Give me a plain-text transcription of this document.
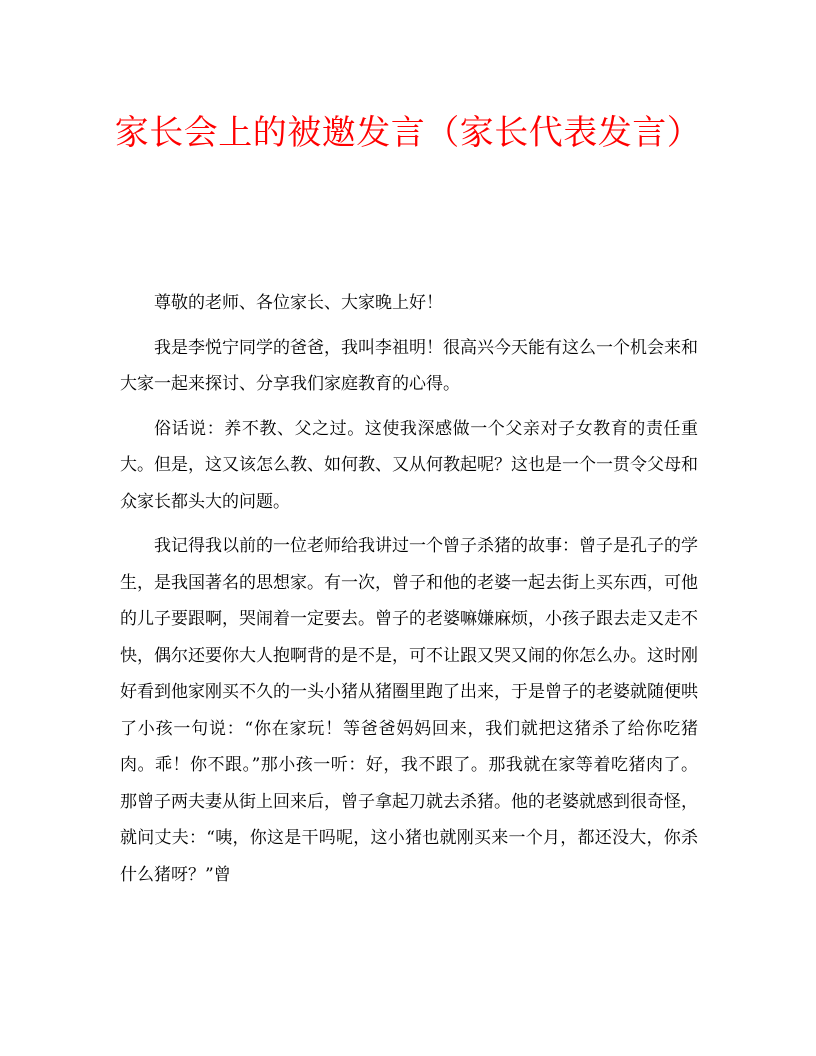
家长会上的被邀发言（家长代表发言）

尊敬的老师、各位家长、大家晚上好！

我是李悦宁同学的爸爸，我叫李祖明！很高兴今天能有这么一个机会来和大家一起来探讨、分享我们家庭教育的心得。

俗话说：养不教、父之过。这使我深感做一个父亲对子女教育的责任重大。但是，这又该怎么教、如何教、又从何教起呢？这也是一个一贯令父母和众家长都头大的问题。

我记得我以前的一位老师给我讲过一个曾子杀猪的故事：曾子是孔子的学生，是我国著名的思想家。有一次，曾子和他的老婆一起去街上买东西，可他的儿子要跟啊，哭闹着一定要去。曾子的老婆嘛嫌麻烦，小孩子跟去走又走不快，偶尔还要你大人抱啊背的是不是，可不让跟又哭又闹的你怎么办。这时刚好看到他家刚买不久的一头小猪从猪圈里跑了出来，于是曾子的老婆就随便哄了小孩一句说：“你在家玩！等爸爸妈妈回来，我们就把这猪杀了给你吃猪肉。乖！你不跟。”那小孩一听：好，我不跟了。那我就在家等着吃猪肉了。那曾子两夫妻从街上回来后，曾子拿起刀就去杀猪。他的老婆就感到很奇怪，就问丈夫：“咦，你这是干吗呢，这小猪也就刚买来一个月，都还没大，你杀什么猪呀？”曾
